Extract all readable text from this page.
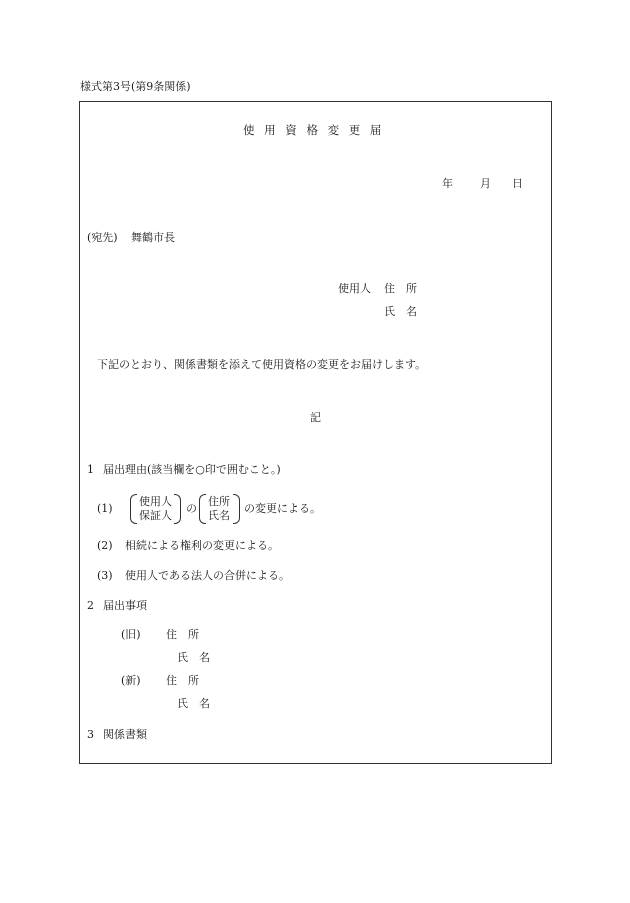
様式第3号(第9条関係)
使 用 資 格 変 更 届
年 月 日
(宛先) 舞鶴市長
使用人 住　所
氏　名
下記のとおり、関係書類を添えて使用資格の変更をお届けします。
記
1 届出理由(該当欄を○印で囲むこと。)
(1)
使用人
保証人
の
住所
氏名
の変更による。
(2) 相続による権利の変更による。
(3) 使用人である法人の合併による。
2 届出事項
(旧) 住　所
氏　名
(新) 住　所
氏　名
3 関係書類
